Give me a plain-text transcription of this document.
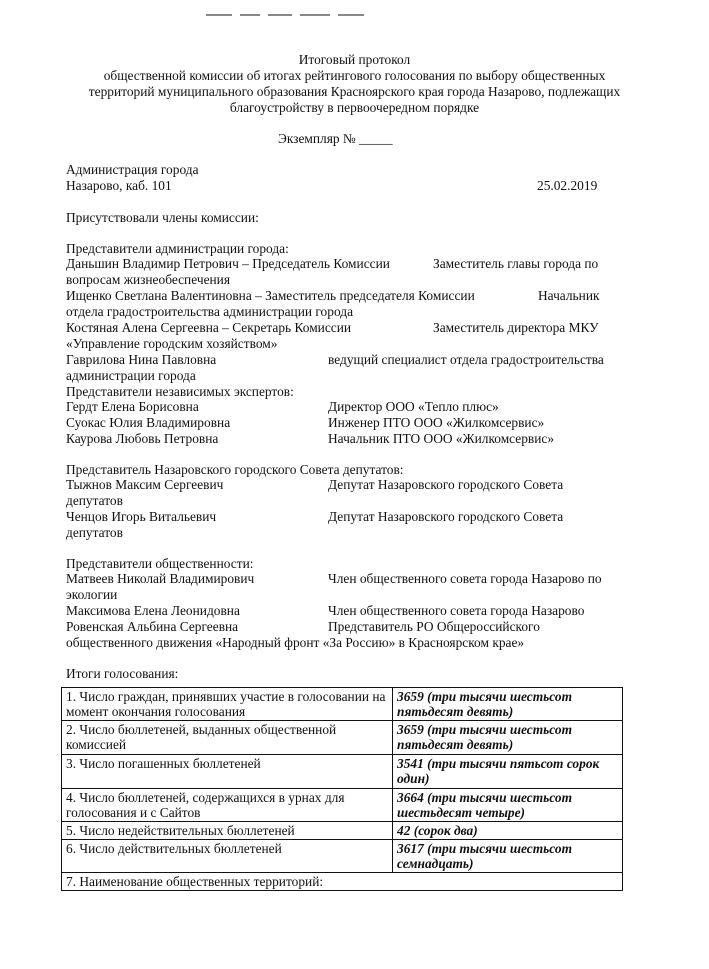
Итоговый протокол
общественной комиссии об итогах рейтингового голосования по выбору общественных
территорий муниципального образования Красноярского края города Назарово, подлежащих
благоустройству в первоочередном порядке
Экземпляр № _____
Администрация города
Назарово, каб. 101	25.02.2019
Присутствовали члены комиссии:
Представители администрации города:
Даньшин Владимир Петрович – Председатель Комиссии	Заместитель главы города по
вопросам жизнеобеспечения
Ищенко Светлана Валентиновна – Заместитель председателя Комиссии	Начальник
отдела градостроительства администрации города
Костяная Алена Сергеевна – Секретарь Комиссии	Заместитель директора МКУ
«Управление городским хозяйством»
Гаврилова Нина Павловна	ведущий специалист отдела градостроительства
администрации города
Представители независимых экспертов:
Гердт Елена Борисовна	Директор ООО «Тепло плюс»
Суокас Юлия Владимировна	Инженер ПТО ООО «Жилкомсервис»
Каурова Любовь Петровна	Начальник ПТО ООО «Жилкомсервис»
Представитель Назаровского городского Совета депутатов:
Тыжнов Максим Сергеевич	Депутат Назаровского городского Совета
депутатов
Ченцов Игорь Витальевич	Депутат Назаровского городского Совета
депутатов
Представители общественности:
Матвеев Николай Владимирович	Член общественного совета города Назарово по
экологии
Максимова Елена Леонидовна	Член общественного совета города Назарово
Ровенская Альбина Сергеевна	Представитель РО Общероссийского
общественного движения «Народный фронт «За Россию» в Красноярском крае»
Итоги голосования:
1. Число граждан, принявших участие в голосовании на момент окончания голосования	3659 (три тысячи шестьсот пятьдесят девять)
2. Число бюллетеней, выданных общественной комиссией	3659 (три тысячи шестьсот пятьдесят девять)
3. Число погашенных бюллетеней	3541 (три тысячи пятьсот сорок один)
4. Число бюллетеней, содержащихся в урнах для голосования и с Сайтов	3664 (три тысячи шестьсот шестьдесят четыре)
5. Число недействительных бюллетеней	42 (сорок два)
6. Число действительных бюллетеней	3617 (три тысячи шестьсот семнадцать)
7. Наименование общественных территорий:	
